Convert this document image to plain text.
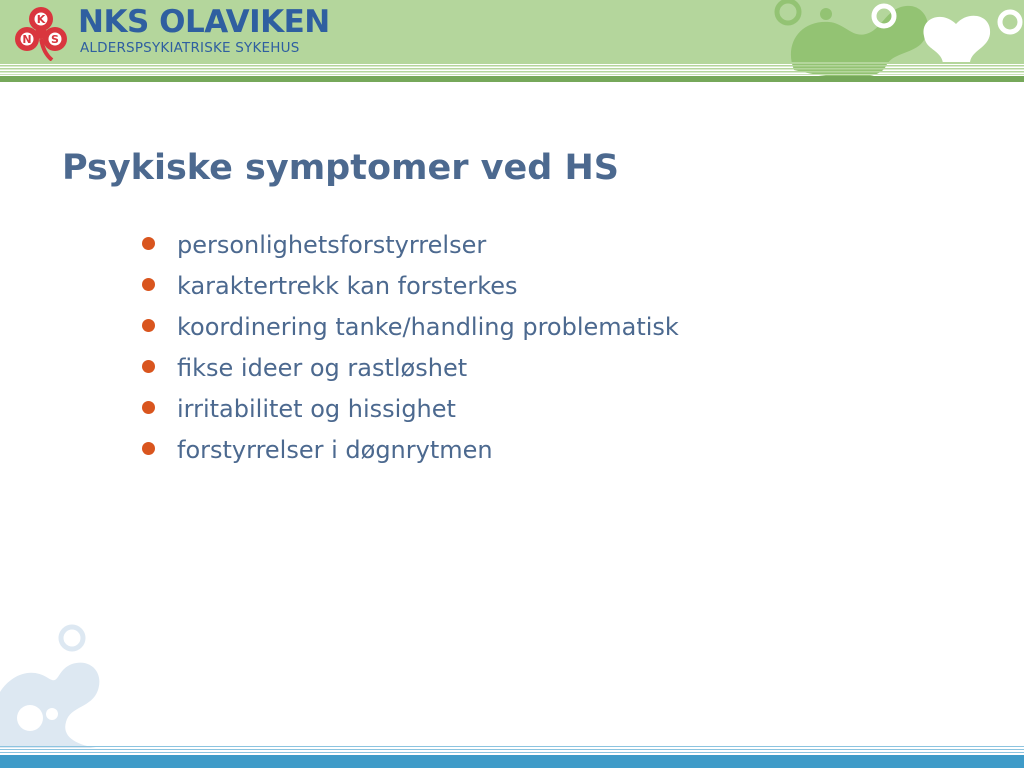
K
N S NKS OLAVIKEN
ALDERSPSYKIATRISKE SYKEHUS
Psykiske symptomer ved HS
personlighetsforstyrrelser
karaktertrekk kan forsterkes
koordinering tanke/handling problematisk
fikse ideer og rastløshet
irritabilitet og hissighet
forstyrrelser i døgnrytmen
